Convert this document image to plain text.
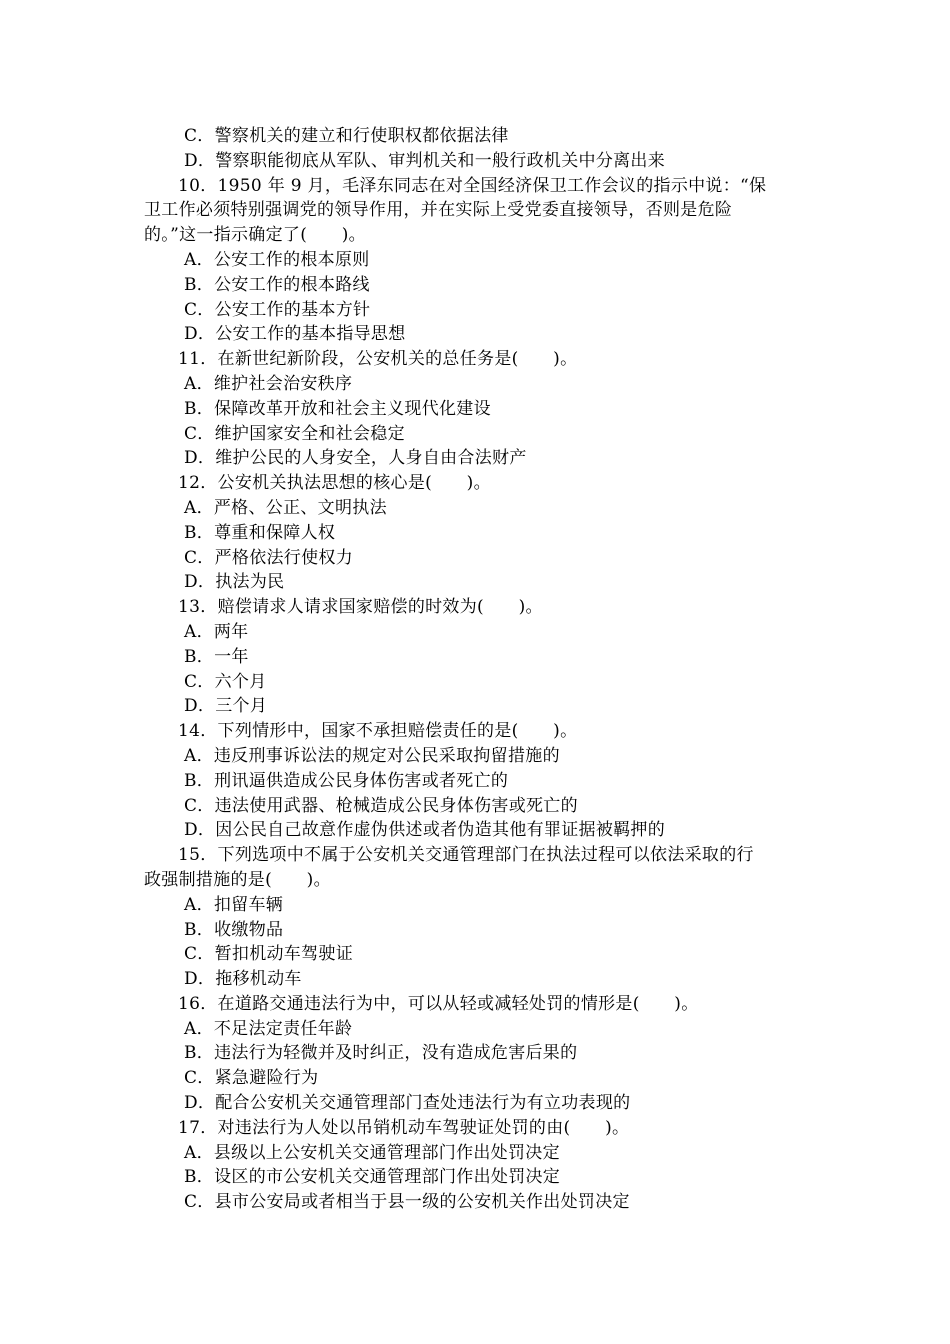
C．警察机关的建立和行使职权都依据法律
D．警察职能彻底从军队、审判机关和一般行政机关中分离出来
10．1950 年 9 月，毛泽东同志在对全国经济保卫工作会议的指示中说：“保
卫工作必须特别强调党的领导作用，并在实际上受党委直接领导，否则是危险
的。”这一指示确定了(　　)。
A．公安工作的根本原则
B．公安工作的根本路线
C．公安工作的基本方针
D．公安工作的基本指导思想
11．在新世纪新阶段，公安机关的总任务是(　　)。
A．维护社会治安秩序
B．保障改革开放和社会主义现代化建设
C．维护国家安全和社会稳定
D．维护公民的人身安全，人身自由合法财产
12．公安机关执法思想的核心是(　　)。
A．严格、公正、文明执法
B．尊重和保障人权
C．严格依法行使权力
D．执法为民
13．赔偿请求人请求国家赔偿的时效为(　　)。
A．两年
B．一年
C．六个月
D．三个月
14．下列情形中，国家不承担赔偿责任的是(　　)。
A．违反刑事诉讼法的规定对公民采取拘留措施的
B．刑讯逼供造成公民身体伤害或者死亡的
C．违法使用武器、枪械造成公民身体伤害或死亡的
D．因公民自己故意作虚伪供述或者伪造其他有罪证据被羁押的
15．下列选项中不属于公安机关交通管理部门在执法过程可以依法采取的行
政强制措施的是(　　)。
A．扣留车辆
B．收缴物品
C．暂扣机动车驾驶证
D．拖移机动车
16．在道路交通违法行为中，可以从轻或减轻处罚的情形是(　　)。
A．不足法定责任年龄
B．违法行为轻微并及时纠正，没有造成危害后果的
C．紧急避险行为
D．配合公安机关交通管理部门查处违法行为有立功表现的
17．对违法行为人处以吊销机动车驾驶证处罚的由(　　)。
A．县级以上公安机关交通管理部门作出处罚决定
B．设区的市公安机关交通管理部门作出处罚决定
C．县市公安局或者相当于县一级的公安机关作出处罚决定
